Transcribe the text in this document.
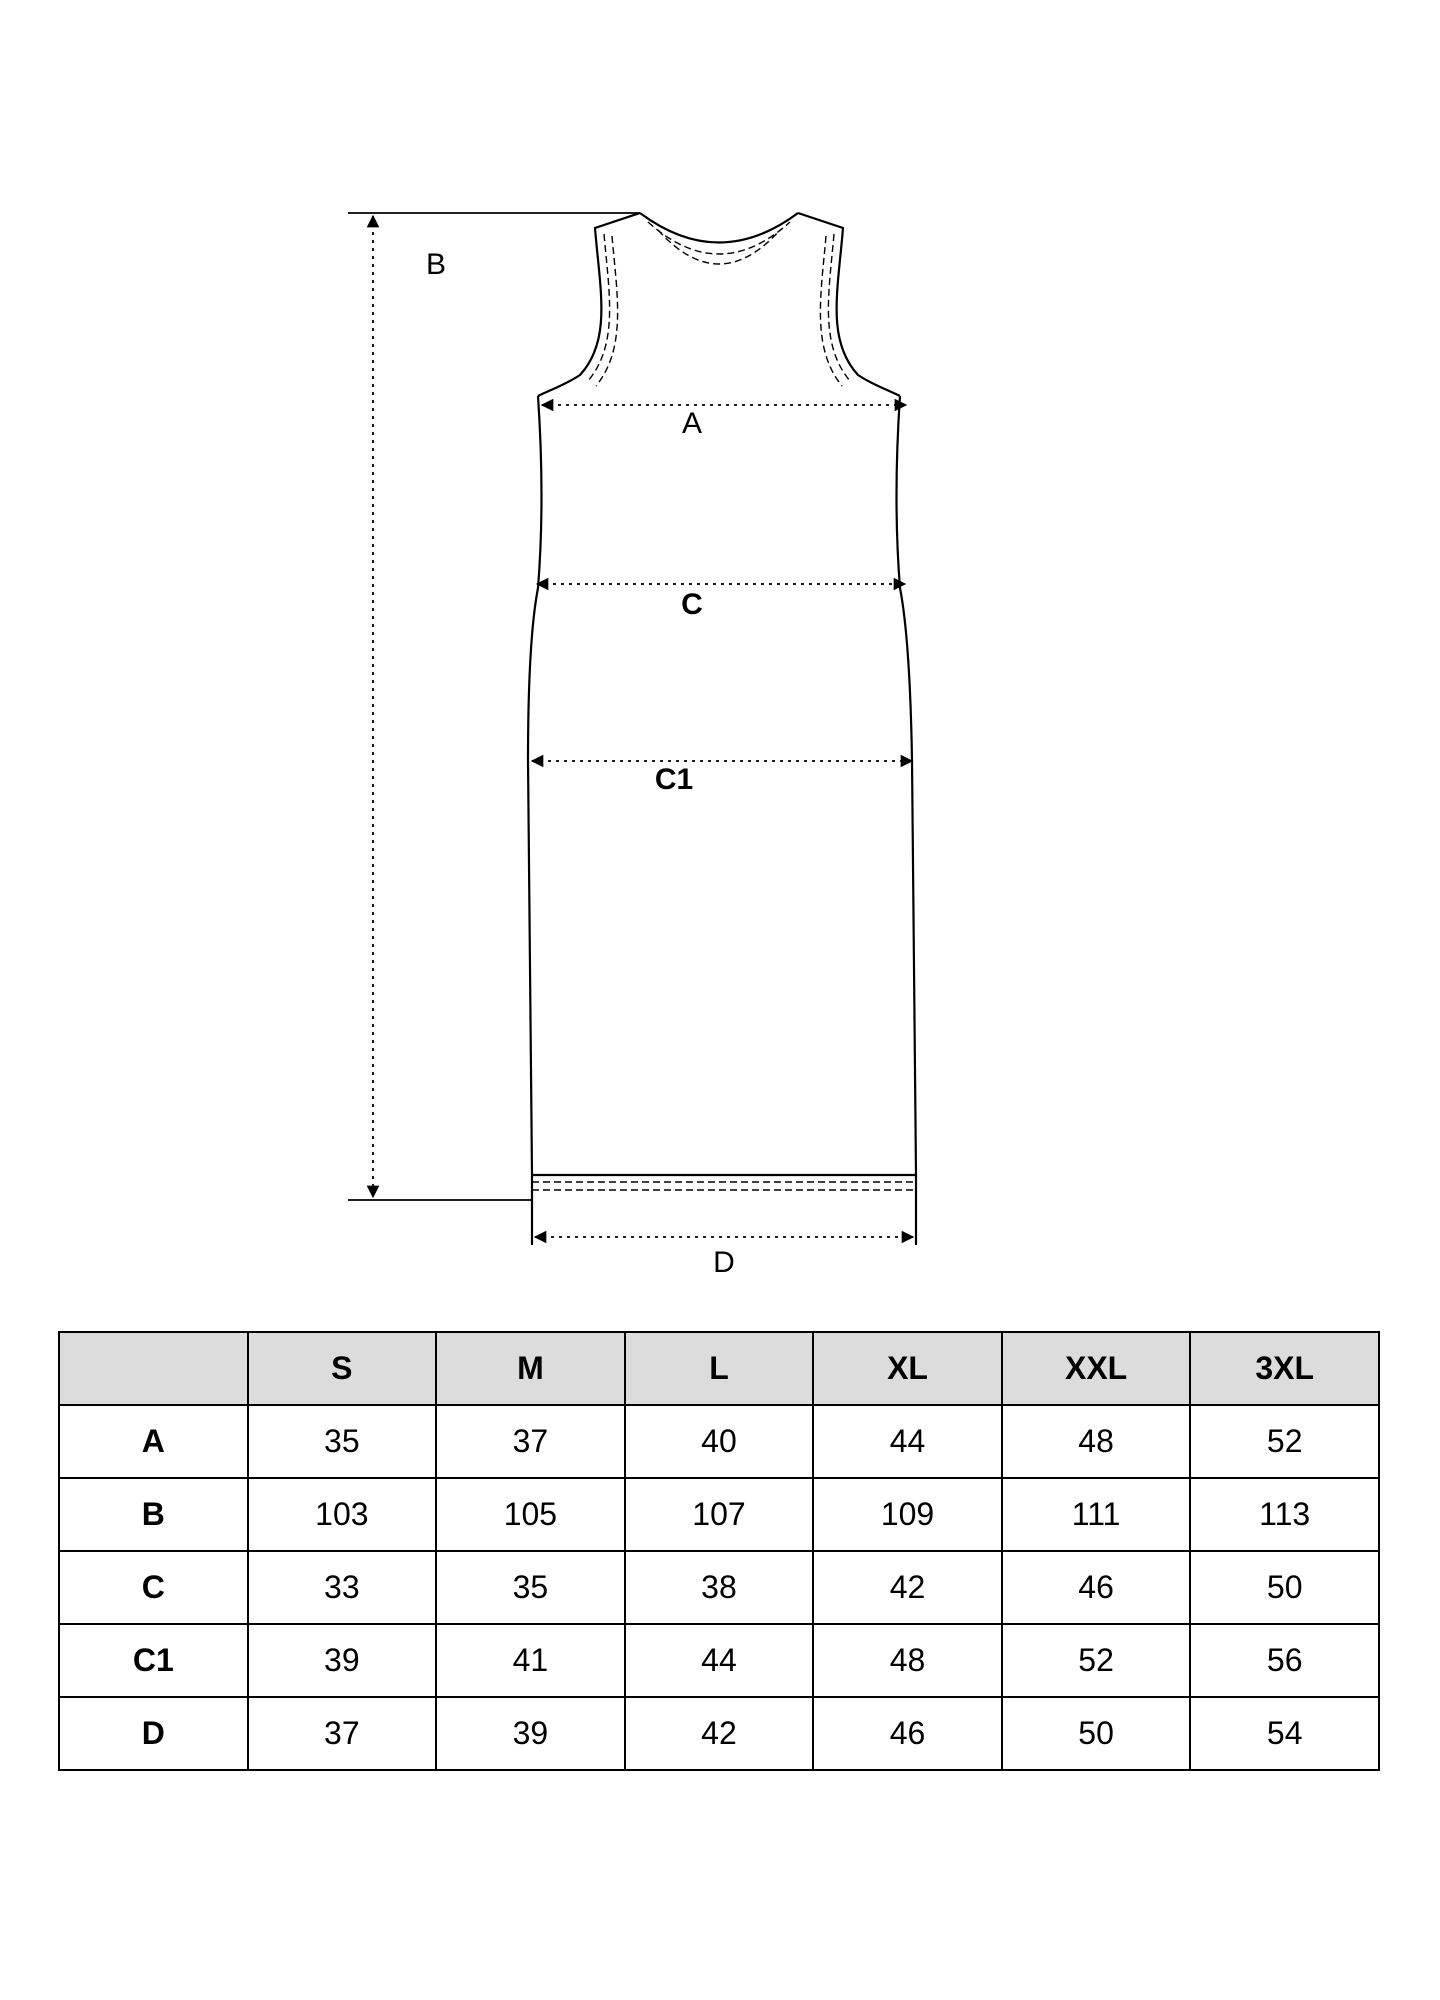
B
A
C
C1
D
	S	M	L	XL	XXL	3XL
A	35	37	40	44	48	52
B	103	105	107	109	111	113
C	33	35	38	42	46	50
C1	39	41	44	48	52	56
D	37	39	42	46	50	54
